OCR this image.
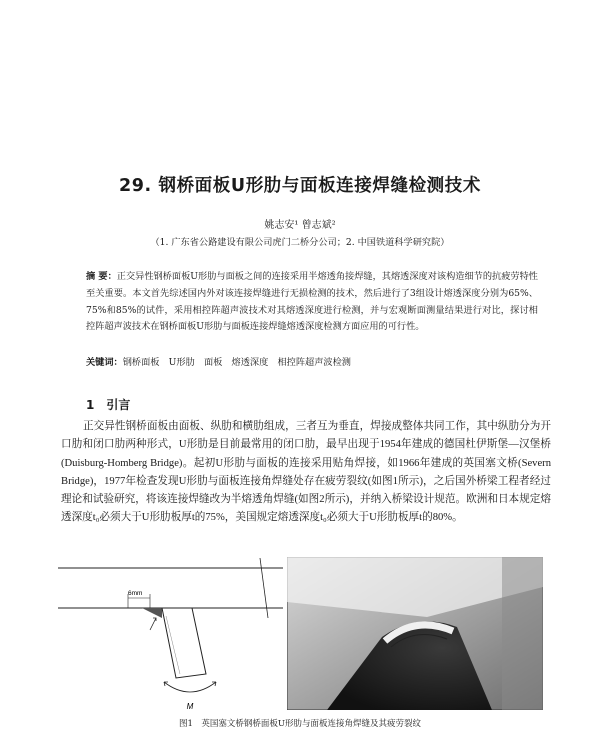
29. 钢桥面板U形肋与面板连接焊缝检测技术
姚志安¹ 曾志斌²
（1. 广东省公路建设有限公司虎门二桥分公司；2. 中国铁道科学研究院）
摘 要：正交异性钢桥面板U形肋与面板之间的连接采用半熔透角接焊缝，其熔透深度对该构造细节的抗疲劳特性至关重要。本文首先综述国内外对该连接焊缝进行无损检测的技术，然后进行了3组设计熔透深度分别为65%、75%和85%的试件，采用相控阵超声波技术对其熔透深度进行检测，并与宏观断面测量结果进行对比，探讨相控阵超声波技术在钢桥面板U形肋与面板连接焊缝熔透深度检测方面应用的可行性。
关键词：钢桥面板　U形肋　面板　熔透深度　相控阵超声波检测
1　引言
正交异性钢桥面板由面板、纵肋和横肋组成，三者互为垂直，焊接成整体共同工作，其中纵肋分为开口肋和闭口肋两种形式，U形肋是目前最常用的闭口肋，最早出现于1954年建成的德国杜伊斯堡—汉堡桥(Duisburg-Homberg Bridge)。起初U形肋与面板的连接采用贴角焊接，如1966年建成的英国塞文桥(Severn Bridge)，1977年检查发现U形肋与面板连接角焊缝处存在疲劳裂纹(如图1所示)，之后国外桥梁工程者经过理论和试验研究，将该连接焊缝改为半熔透角焊缝(如图2所示)，并纳入桥梁设计规范。欧洲和日本规定熔透深度t₀必须大于U形肋板厚t的75%，美国规定熔透深度t₀必须大于U形肋板厚t的80%。
6mm
M
图1　英国塞文桥钢桥面板U形肋与面板连接角焊缝及其疲劳裂纹
